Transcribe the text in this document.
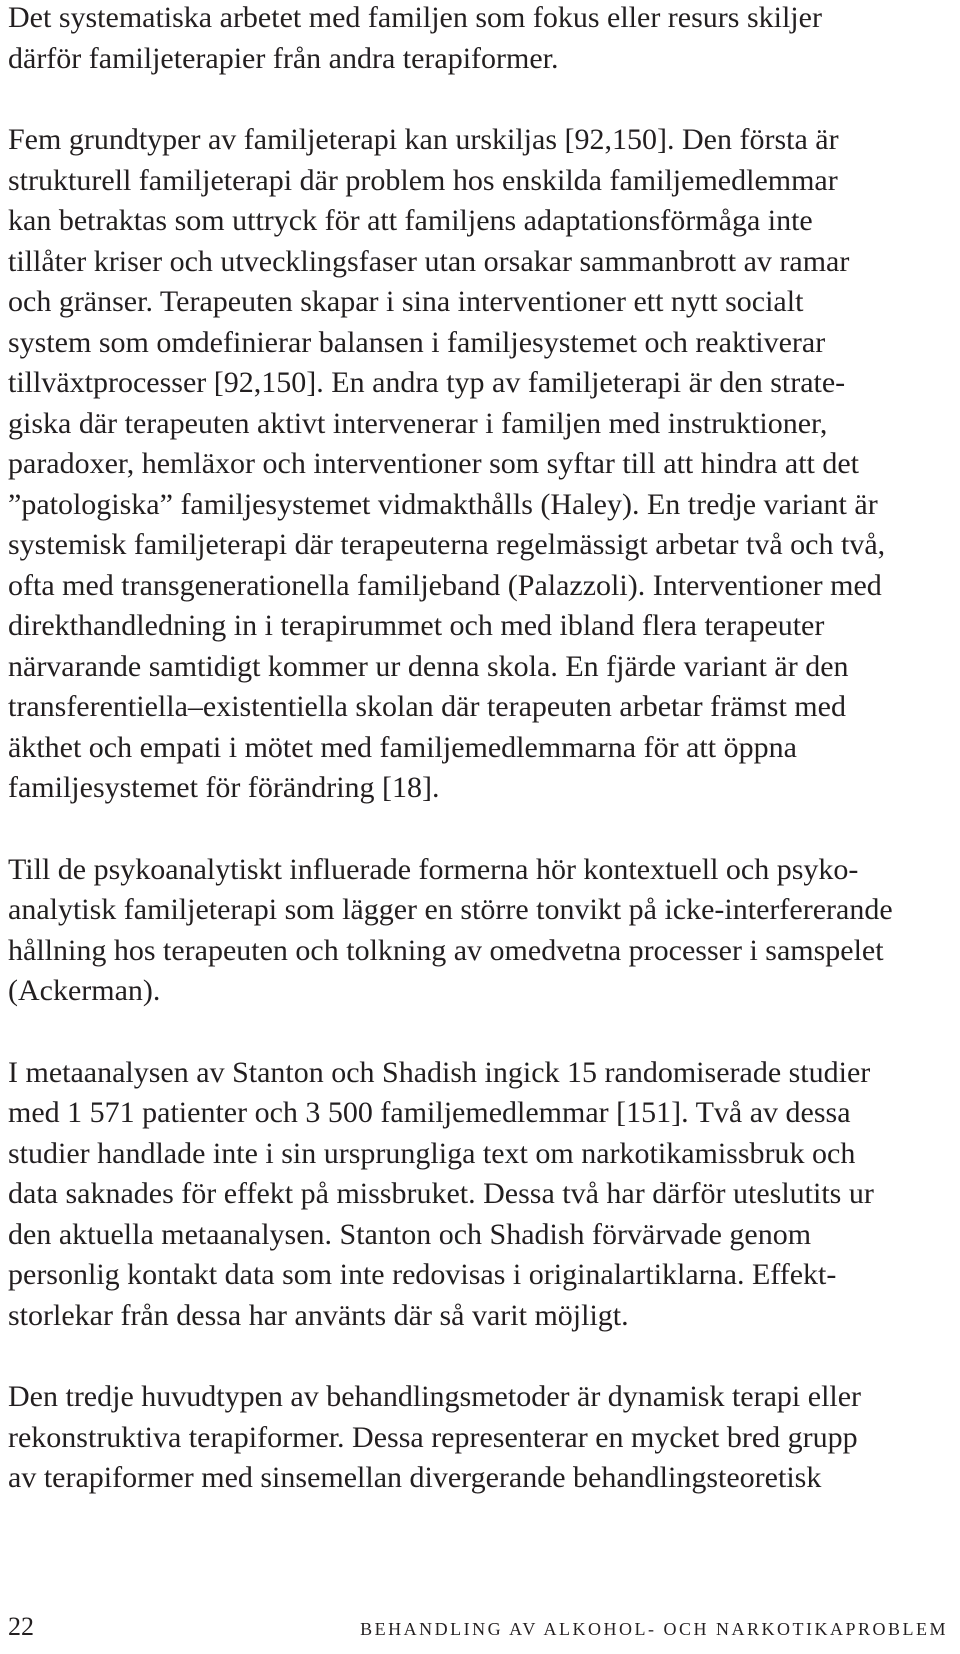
Det systematiska arbetet med familjen som fokus eller resurs skiljer
därför familjeterapier från andra terapiformer.

Fem grundtyper av familjeterapi kan urskiljas [92,150]. Den första är
strukturell familjeterapi där problem hos enskilda familjemedlemmar
kan betraktas som uttryck för att familjens adaptationsförmåga inte
tillåter kriser och utvecklingsfaser utan orsakar sammanbrott av ramar
och gränser. Terapeuten skapar i sina interventioner ett nytt socialt
system som omdefinierar balansen i familjesystemet och reaktiverar
tillväxtprocesser [92,150]. En andra typ av familjeterapi är den strate-
giska där terapeuten aktivt intervenerar i familjen med instruktioner,
paradoxer, hemläxor och interventioner som syftar till att hindra att det
”patologiska” familjesystemet vidmakthålls (Haley). En tredje variant är
systemisk familjeterapi där terapeuterna regelmässigt arbetar två och två,
ofta med transgenerationella familjeband (Palazzoli). Interventioner med
direkthandledning in i terapirummet och med ibland flera terapeuter
närvarande samtidigt kommer ur denna skola. En fjärde variant är den
transferentiella–existentiella skolan där terapeuten arbetar främst med
äkthet och empati i mötet med familjemedlemmarna för att öppna
familjesystemet för förändring [18].

Till de psykoanalytiskt influerade formerna hör kontextuell och psyko-
analytisk familjeterapi som lägger en större tonvikt på icke-interfererande
hållning hos terapeuten och tolkning av omedvetna processer i samspelet
(Ackerman).

I metaanalysen av Stanton och Shadish ingick 15 randomiserade studier
med 1 571 patienter och 3 500 familjemedlemmar [151]. Två av dessa
studier handlade inte i sin ursprungliga text om narkotikamissbruk och
data saknades för effekt på missbruket. Dessa två har därför uteslutits ur
den aktuella metaanalysen. Stanton och Shadish förvärvade genom
personlig kontakt data som inte redovisas i originalartiklarna. Effekt-
storlekar från dessa har använts där så varit möjligt.

Den tredje huvudtypen av behandlingsmetoder är dynamisk terapi eller
rekonstruktiva terapiformer. Dessa representerar en mycket bred grupp
av terapiformer med sinsemellan divergerande behandlingsteoretisk

22	BEHANDLING AV ALKOHOL- OCH NARKOTIKAPROBLEM
